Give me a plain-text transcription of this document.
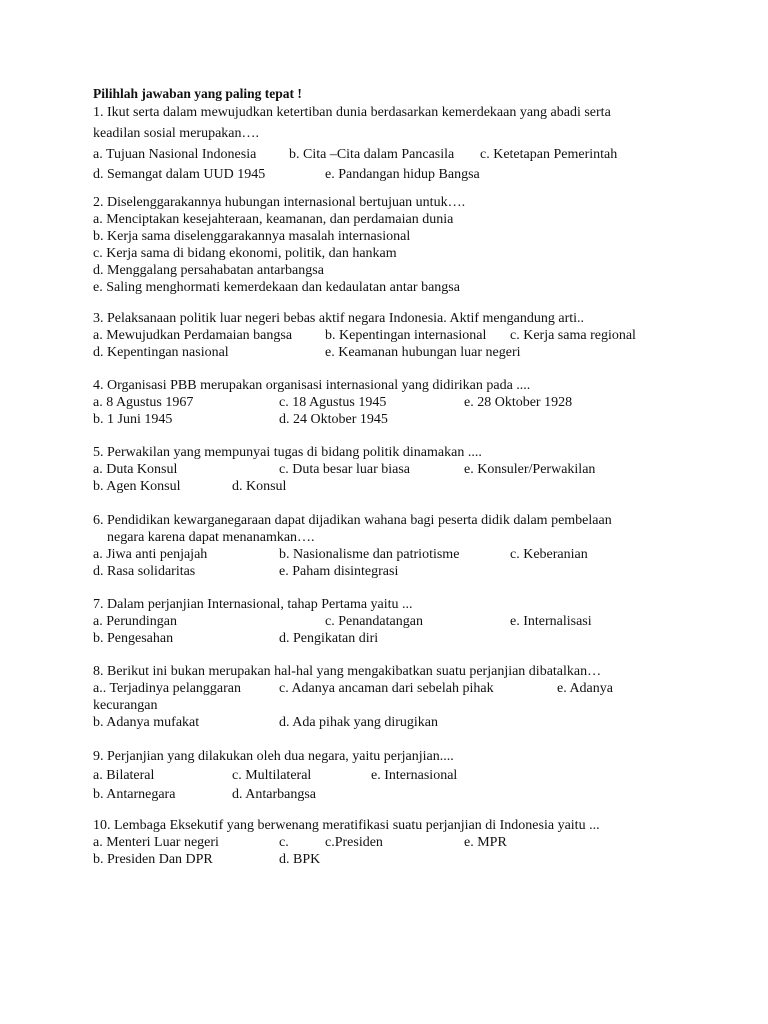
Pilihlah jawaban yang paling tepat !
1. Ikut serta dalam mewujudkan ketertiban dunia berdasarkan kemerdekaan yang abadi serta
keadilan sosial merupakan….
a. Tujuan Nasional Indonesia b. Cita –Cita dalam Pancasila c. Ketetapan Pemerintah
d. Semangat dalam UUD 1945	e. Pandangan hidup Bangsa
2. Diselenggarakannya hubungan internasional bertujuan untuk….
a. Menciptakan kesejahteraan, keamanan, dan perdamaian dunia
b. Kerja sama diselenggarakannya masalah internasional
c. Kerja sama di bidang ekonomi, politik, dan hankam
d. Menggalang persahabatan antarbangsa
e. Saling menghormati kemerdekaan dan kedaulatan antar bangsa
3. Pelaksanaan politik luar negeri bebas aktif negara Indonesia. Aktif mengandung arti..
a. Mewujudkan Perdamaian bangsa b. Kepentingan internasional c. Kerja sama regional
d. Kepentingan nasional	e. Keamanan hubungan luar negeri
4. Organisasi PBB merupakan organisasi internasional yang didirikan pada ....
a. 8 Agustus 1967	c. 18 Agustus 1945	e. 28 Oktober 1928
b. 1 Juni 1945	d. 24 Oktober 1945
5. Perwakilan yang mempunyai tugas di bidang politik dinamakan ....
a. Duta Konsul	c. Duta besar luar biasa	e. Konsuler/Perwakilan
b. Agen Konsul	d. Konsul
6. Pendidikan kewarganegaraan dapat dijadikan wahana bagi peserta didik dalam pembelaan
negara karena dapat menanamkan….
a. Jiwa anti penjajah	b. Nasionalisme dan patriotisme	c. Keberanian
d. Rasa solidaritas	e. Paham disintegrasi
7. Dalam perjanjian Internasional, tahap Pertama yaitu ...
a. Perundingan	c. Penandatangan	e. Internalisasi
b. Pengesahan	d. Pengikatan diri
8. Berikut ini bukan merupakan hal-hal yang mengakibatkan suatu perjanjian dibatalkan…
a.. Terjadinya pelanggaran	c. Adanya ancaman dari sebelah pihak	e. Adanya
kecurangan
b. Adanya mufakat	d. Ada pihak yang dirugikan
9. Perjanjian yang dilakukan oleh dua negara, yaitu perjanjian....
a. Bilateral	c. Multilateral	e. Internasional
b. Antarnegara	d. Antarbangsa
10. Lembaga Eksekutif yang berwenang meratifikasi suatu perjanjian di Indonesia yaitu ...
a. Menteri Luar negeri	c.	c.Presiden	e. MPR
b. Presiden Dan DPR	d. BPK
